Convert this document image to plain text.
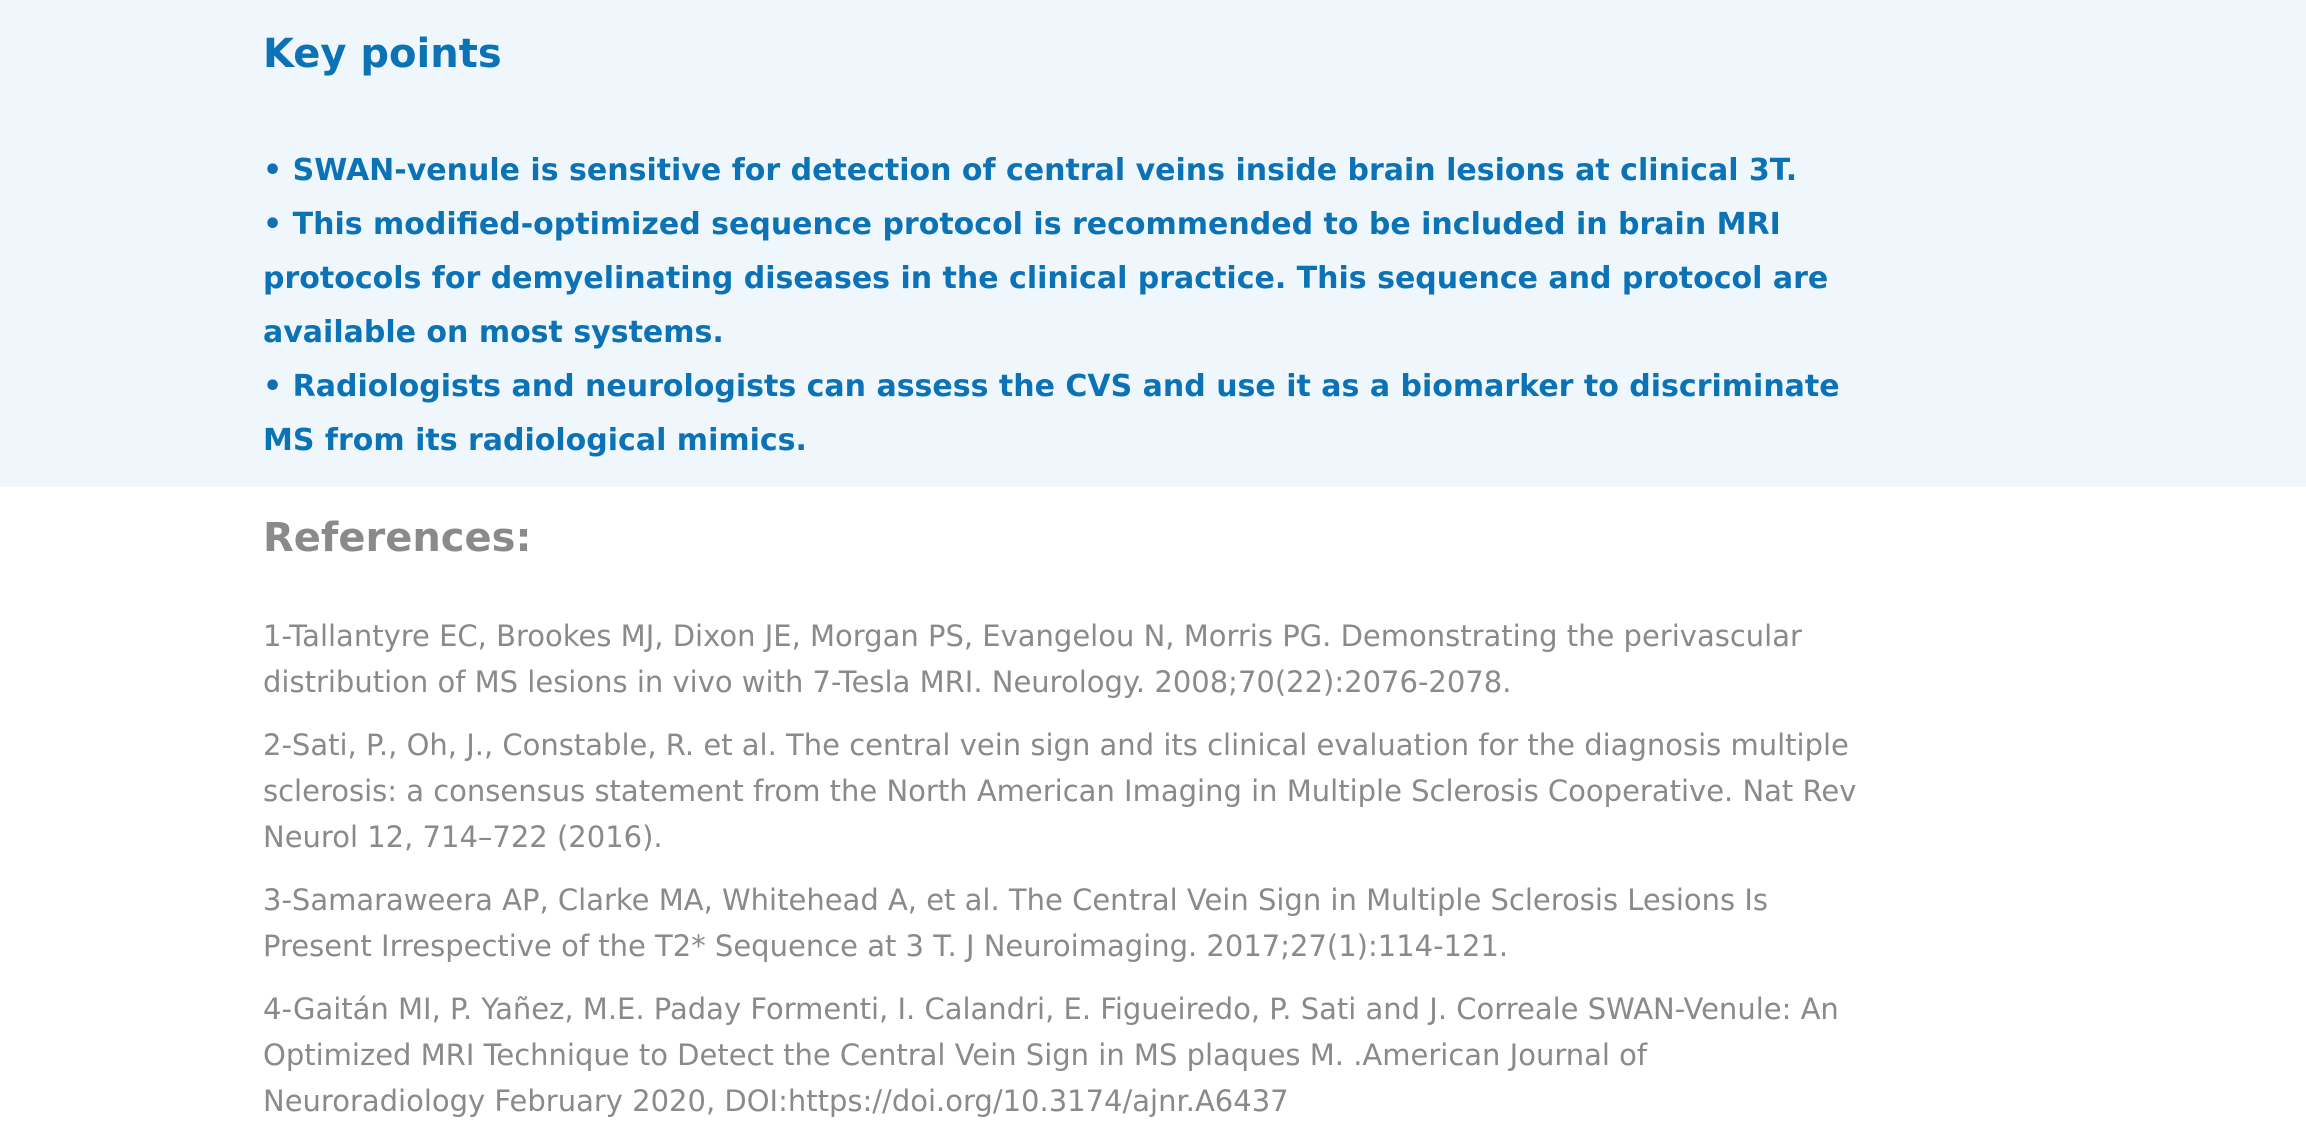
Key points
• SWAN-venule is sensitive for detection of central veins inside brain lesions at clinical 3T.
• This modified-optimized sequence protocol is recommended to be included in brain MRI protocols for demyelinating diseases in the clinical practice. This sequence and protocol are available on most systems.
• Radiologists and neurologists can assess the CVS and use it as a biomarker to discriminate MS from its radiological mimics.
References:
1-Tallantyre EC, Brookes MJ, Dixon JE, Morgan PS, Evangelou N, Morris PG. Demonstrating the perivascular distribution of MS lesions in vivo with 7-Tesla MRI. Neurology. 2008;70(22):2076-2078.
2-Sati, P., Oh, J., Constable, R. et al. The central vein sign and its clinical evaluation for the diagnosis multiple sclerosis: a consensus statement from the North American Imaging in Multiple Sclerosis Cooperative. Nat Rev Neurol 12, 714–722 (2016).
3-Samaraweera AP, Clarke MA, Whitehead A, et al. The Central Vein Sign in Multiple Sclerosis Lesions Is Present Irrespective of the T2* Sequence at 3 T. J Neuroimaging. 2017;27(1):114-121.
4-Gaitán MI, P. Yañez, M.E. Paday Formenti, I. Calandri, E. Figueiredo, P. Sati and J. Correale SWAN-Venule: An Optimized MRI Technique to Detect the Central Vein Sign in MS plaques M. .American Journal of Neuroradiology February 2020, DOI:https://doi.org/10.3174/ajnr.A6437
